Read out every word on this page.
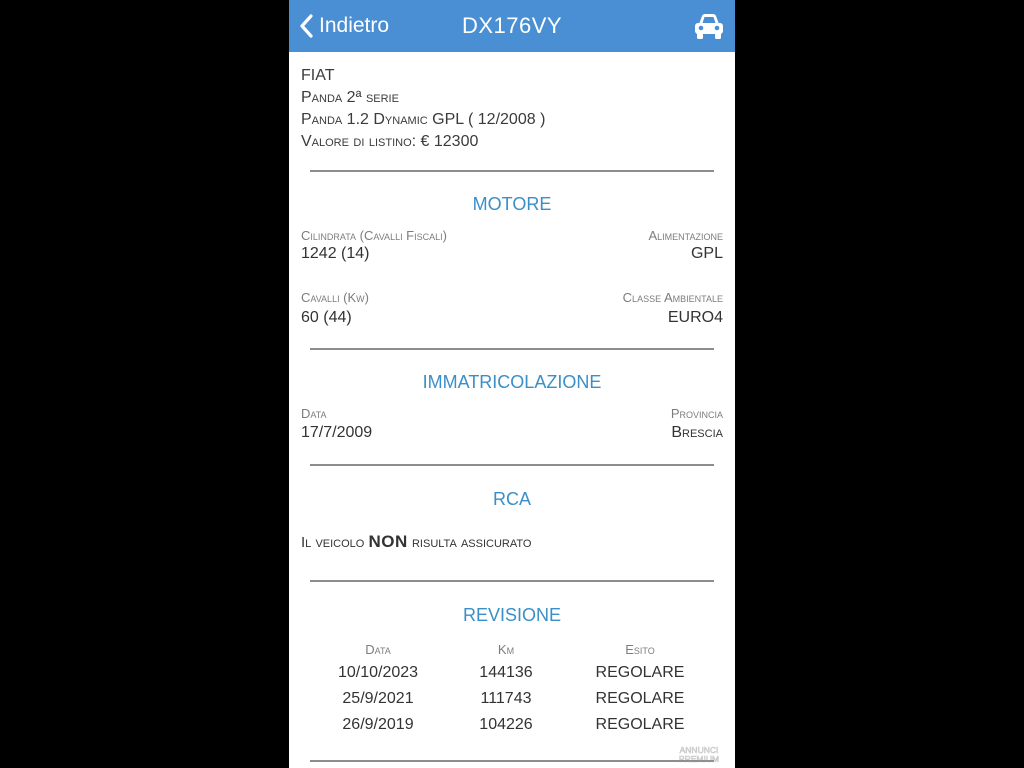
Indietro	DX176VY
FIAT
Panda 2ª serie
Panda 1.2 Dynamic GPL ( 12/2008 )
Valore di listino: € 12300
MOTORE
Cilindrata (Cavalli Fiscali)
1242 (14)
Alimentazione
GPL
Cavalli (Kw)
60 (44)
Classe Ambientale
EURO4
IMMATRICOLAZIONE
Data
17/7/2009
Provincia
Brescia
RCA
Il veicolo NON risulta assicurato
REVISIONE
Data	Km	Esito
10/10/2023	144136	REGOLARE
25/9/2021	111743	REGOLARE
26/9/2019	104226	REGOLARE
ANNUNCI
PREMIUM
